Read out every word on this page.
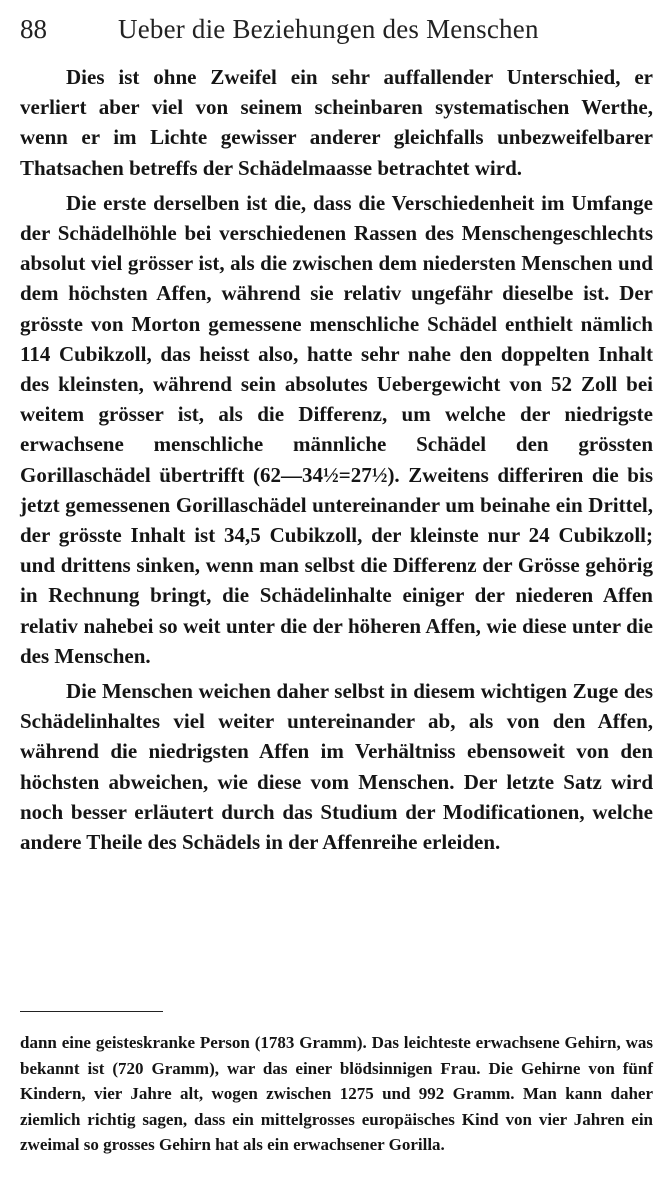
88	Ueber die Beziehungen des Menschen

Dies ist ohne Zweifel ein sehr auffallender Unterschied, er verliert aber viel von seinem scheinbaren systematischen Werthe, wenn er im Lichte gewisser anderer gleichfalls unbezweifelbarer Thatsachen betreffs der Schädelmaasse betrachtet wird.

Die erste derselben ist die, dass die Verschiedenheit im Umfange der Schädelhöhle bei verschiedenen Rassen des Menschengeschlechts absolut viel grösser ist, als die zwischen dem niedersten Menschen und dem höchsten Affen, während sie relativ ungefähr dieselbe ist. Der grösste von Morton gemessene menschliche Schädel enthielt nämlich 114 Cubikzoll, das heisst also, hatte sehr nahe den doppelten Inhalt des kleinsten, während sein absolutes Uebergewicht von 52 Zoll bei weitem grösser ist, als die Differenz, um welche der niedrigste erwachsene menschliche männliche Schädel den grössten Gorillaschädel übertrifft (62—34½=27½). Zweitens differiren die bis jetzt gemessenen Gorillaschädel untereinander um beinahe ein Drittel, der grösste Inhalt ist 34,5 Cubikzoll, der kleinste nur 24 Cubikzoll; und drittens sinken, wenn man selbst die Differenz der Grösse gehörig in Rechnung bringt, die Schädelinhalte einiger der niederen Affen relativ nahebei so weit unter die der höheren Affen, wie diese unter die des Menschen.

Die Menschen weichen daher selbst in diesem wichtigen Zuge des Schädelinhaltes viel weiter untereinander ab, als von den Affen, während die niedrigsten Affen im Verhältniss ebensoweit von den höchsten abweichen, wie diese vom Menschen. Der letzte Satz wird noch besser erläutert durch das Studium der Modificationen, welche andere Theile des Schädels in der Affenreihe erleiden.

dann eine geisteskranke Person (1783 Gramm). Das leichteste erwachsene Gehirn, was bekannt ist (720 Gramm), war das einer blödsinnigen Frau. Die Gehirne von fünf Kindern, vier Jahre alt, wogen zwischen 1275 und 992 Gramm. Man kann daher ziemlich richtig sagen, dass ein mittelgrosses europäisches Kind von vier Jahren ein zweimal so grosses Gehirn hat als ein erwachsener Gorilla.
